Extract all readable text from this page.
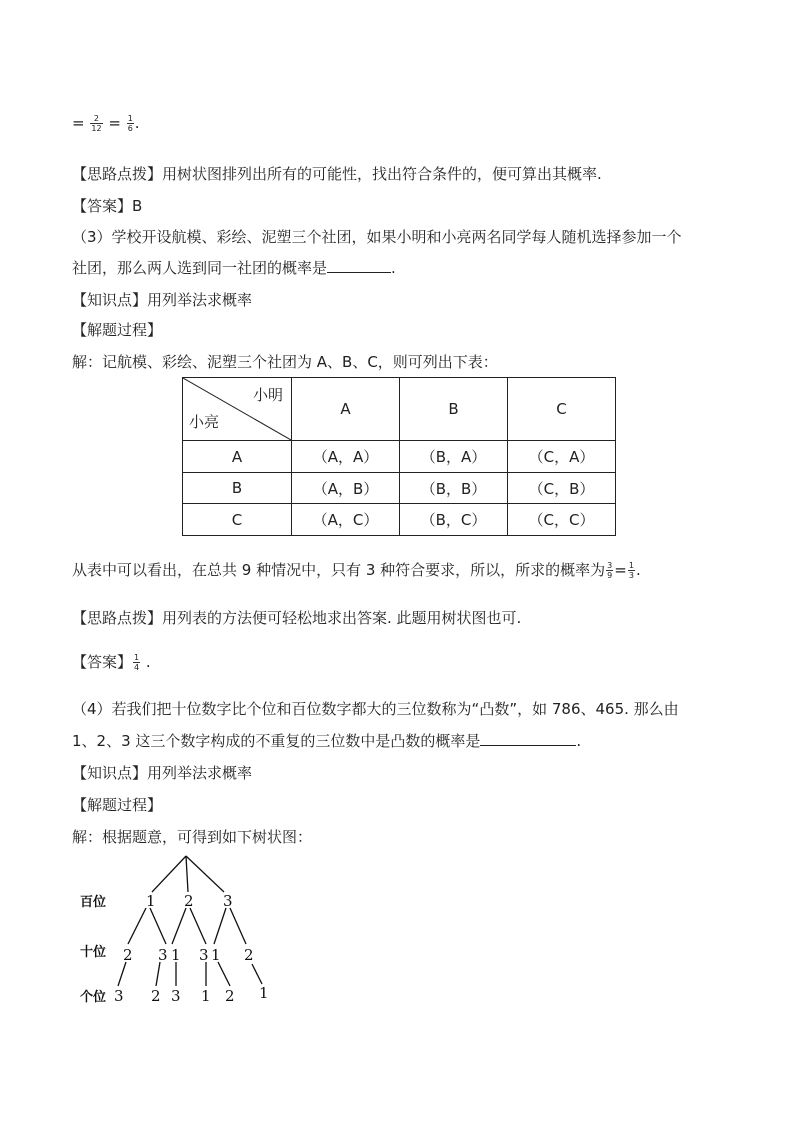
= $\frac{2}{12} = \frac{1}{6}$ .
【思路点拨】用树状图排列出所有的可能性，找出符合条件的，便可算出其概率.
【答案】B
（3）学校开设航模、彩绘、泥塑三个社团，如果小明和小亮两名同学每人随机选择参加一个
社团，那么两人选到同一社团的概率是	.
【知识点】用列举法求概率
【解题过程】
解：记航模、彩绘、泥塑三个社团为 A、B、C，则可列出下表：
小明
小亮	A	B	C
A	（A，A）	（B，A）	（C，A）
B	（A，B）	（B，B）	（C，B）
C	（A，C）	（B，C）	（C，C）
从表中可以看出，在总共 9 种情况中，只有 3 种符合要求，所以，所求的概率为 $\frac{3}{9} = \frac{1}{3}$ .
【思路点拨】用列表的方法便可轻松地求出答案. 此题用树状图也可.
【答案】 $\frac{1}{4}$ .
（4）若我们把十位数字比个位和百位数字都大的三位数称为“凸数”，如 786、465. 那么由
1、2、3 这三个数字构成的不重复的三位数中是凸数的概率是	.
【知识点】用列举法求概率
【解题过程】
解：根据题意，可得到如下树状图：
百位
十位
个位
1 2 3
2 3 1 3 1 2
3 2 3 1 2 1
